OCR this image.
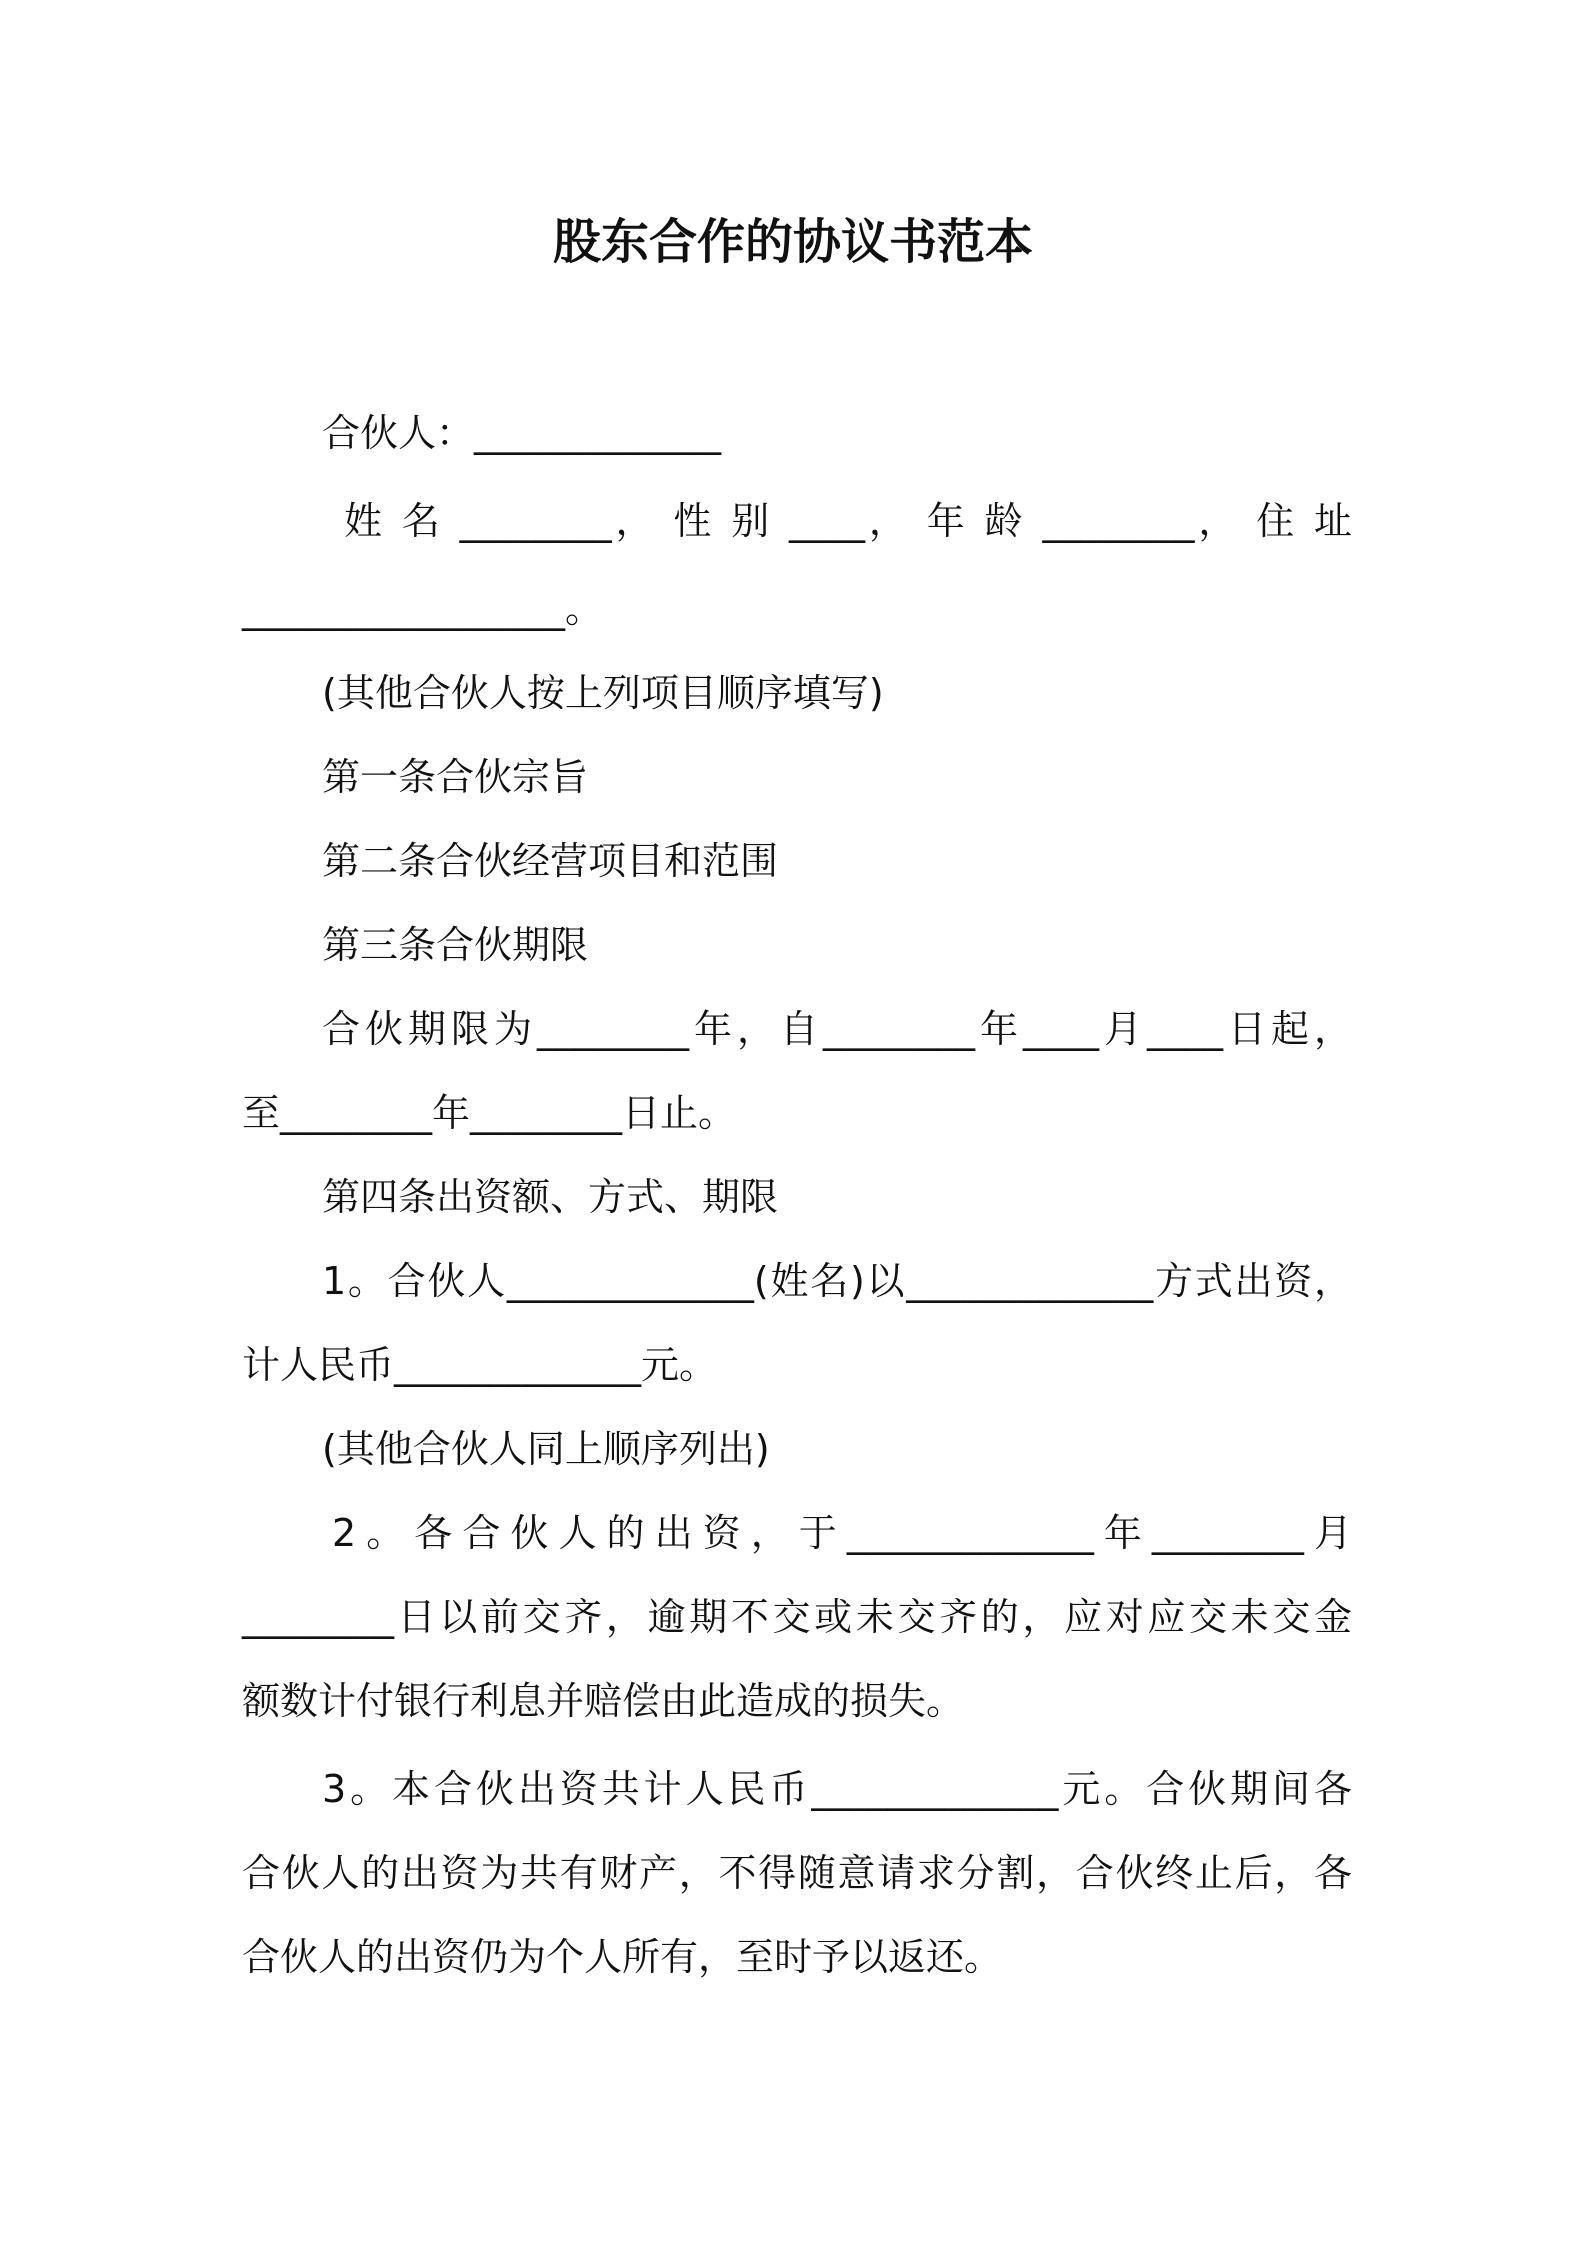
股东合作的协议书范本
合伙人：_____________
姓 名 ________， 性 别 ____， 年 龄 ________， 住 址
_________________。
(其他合伙人按上列项目顺序填写)
第一条合伙宗旨
第二条合伙经营项目和范围
第三条合伙期限
合伙期限为________年，自________年____月____日起，
至________年________日止。
第四条出资额、方式、期限
1。合伙人_____________(姓名)以_____________方式出资，
计人民币_____________元。
(其他合伙人同上顺序列出)
2。各合伙人的出资，于_____________年________月
________日以前交齐，逾期不交或未交齐的，应对应交未交金
额数计付银行利息并赔偿由此造成的损失。
3。本合伙出资共计人民币_____________元。合伙期间各
合伙人的出资为共有财产，不得随意请求分割，合伙终止后，各
合伙人的出资仍为个人所有，至时予以返还。
